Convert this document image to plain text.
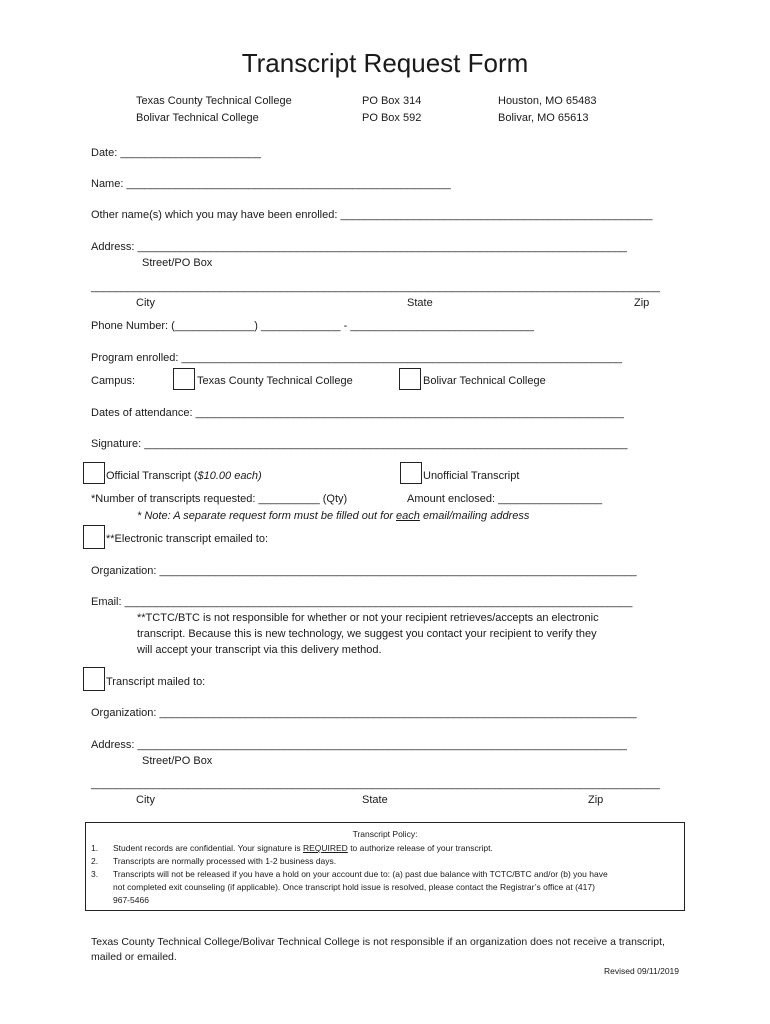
Transcript Request Form
Texas County Technical College	PO Box 314	Houston, MO 65483
Bolivar Technical College	PO Box 592	Bolivar, MO 65613
Date: _______________________
Name: _____________________________________________________
Other name(s) which you may have been enrolled: ___________________________________________________
Address: ________________________________________________________________________________
Street/PO Box
_____________________________________________________________________________________________
City	State	Zip
Phone Number: (_____________) _____________ - ______________________________
Program enrolled: ________________________________________________________________________
Campus:	Texas County Technical College	Bolivar Technical College
Dates of attendance: ______________________________________________________________________
Signature: _______________________________________________________________________________
Official Transcript ($10.00 each)	Unofficial Transcript
*Number of transcripts requested: __________ (Qty)	Amount enclosed: _________________
* Note: A separate request form must be filled out for each email/mailing address
**Electronic transcript emailed to:
Organization: ______________________________________________________________________________
Email: ___________________________________________________________________________________
**TCTC/BTC is not responsible for whether or not your recipient retrieves/accepts an electronic
transcript. Because this is new technology, we suggest you contact your recipient to verify they
will accept your transcript via this delivery method.
Transcript mailed to:
Organization: ______________________________________________________________________________
Address: ________________________________________________________________________________
Street/PO Box
_____________________________________________________________________________________________
City	State	Zip
Transcript Policy:
1. Student records are confidential. Your signature is REQUIRED to authorize release of your transcript.
2. Transcripts are normally processed with 1-2 business days.
3. Transcripts will not be released if you have a hold on your account due to: (a) past due balance with TCTC/BTC and/or (b) you have
not completed exit counseling (if applicable). Once transcript hold issue is resolved, please contact the Registrar’s office at (417)
967-5466
Texas County Technical College/Bolivar Technical College is not responsible if an organization does not receive a transcript,
mailed or emailed.
Revised 09/11/2019
